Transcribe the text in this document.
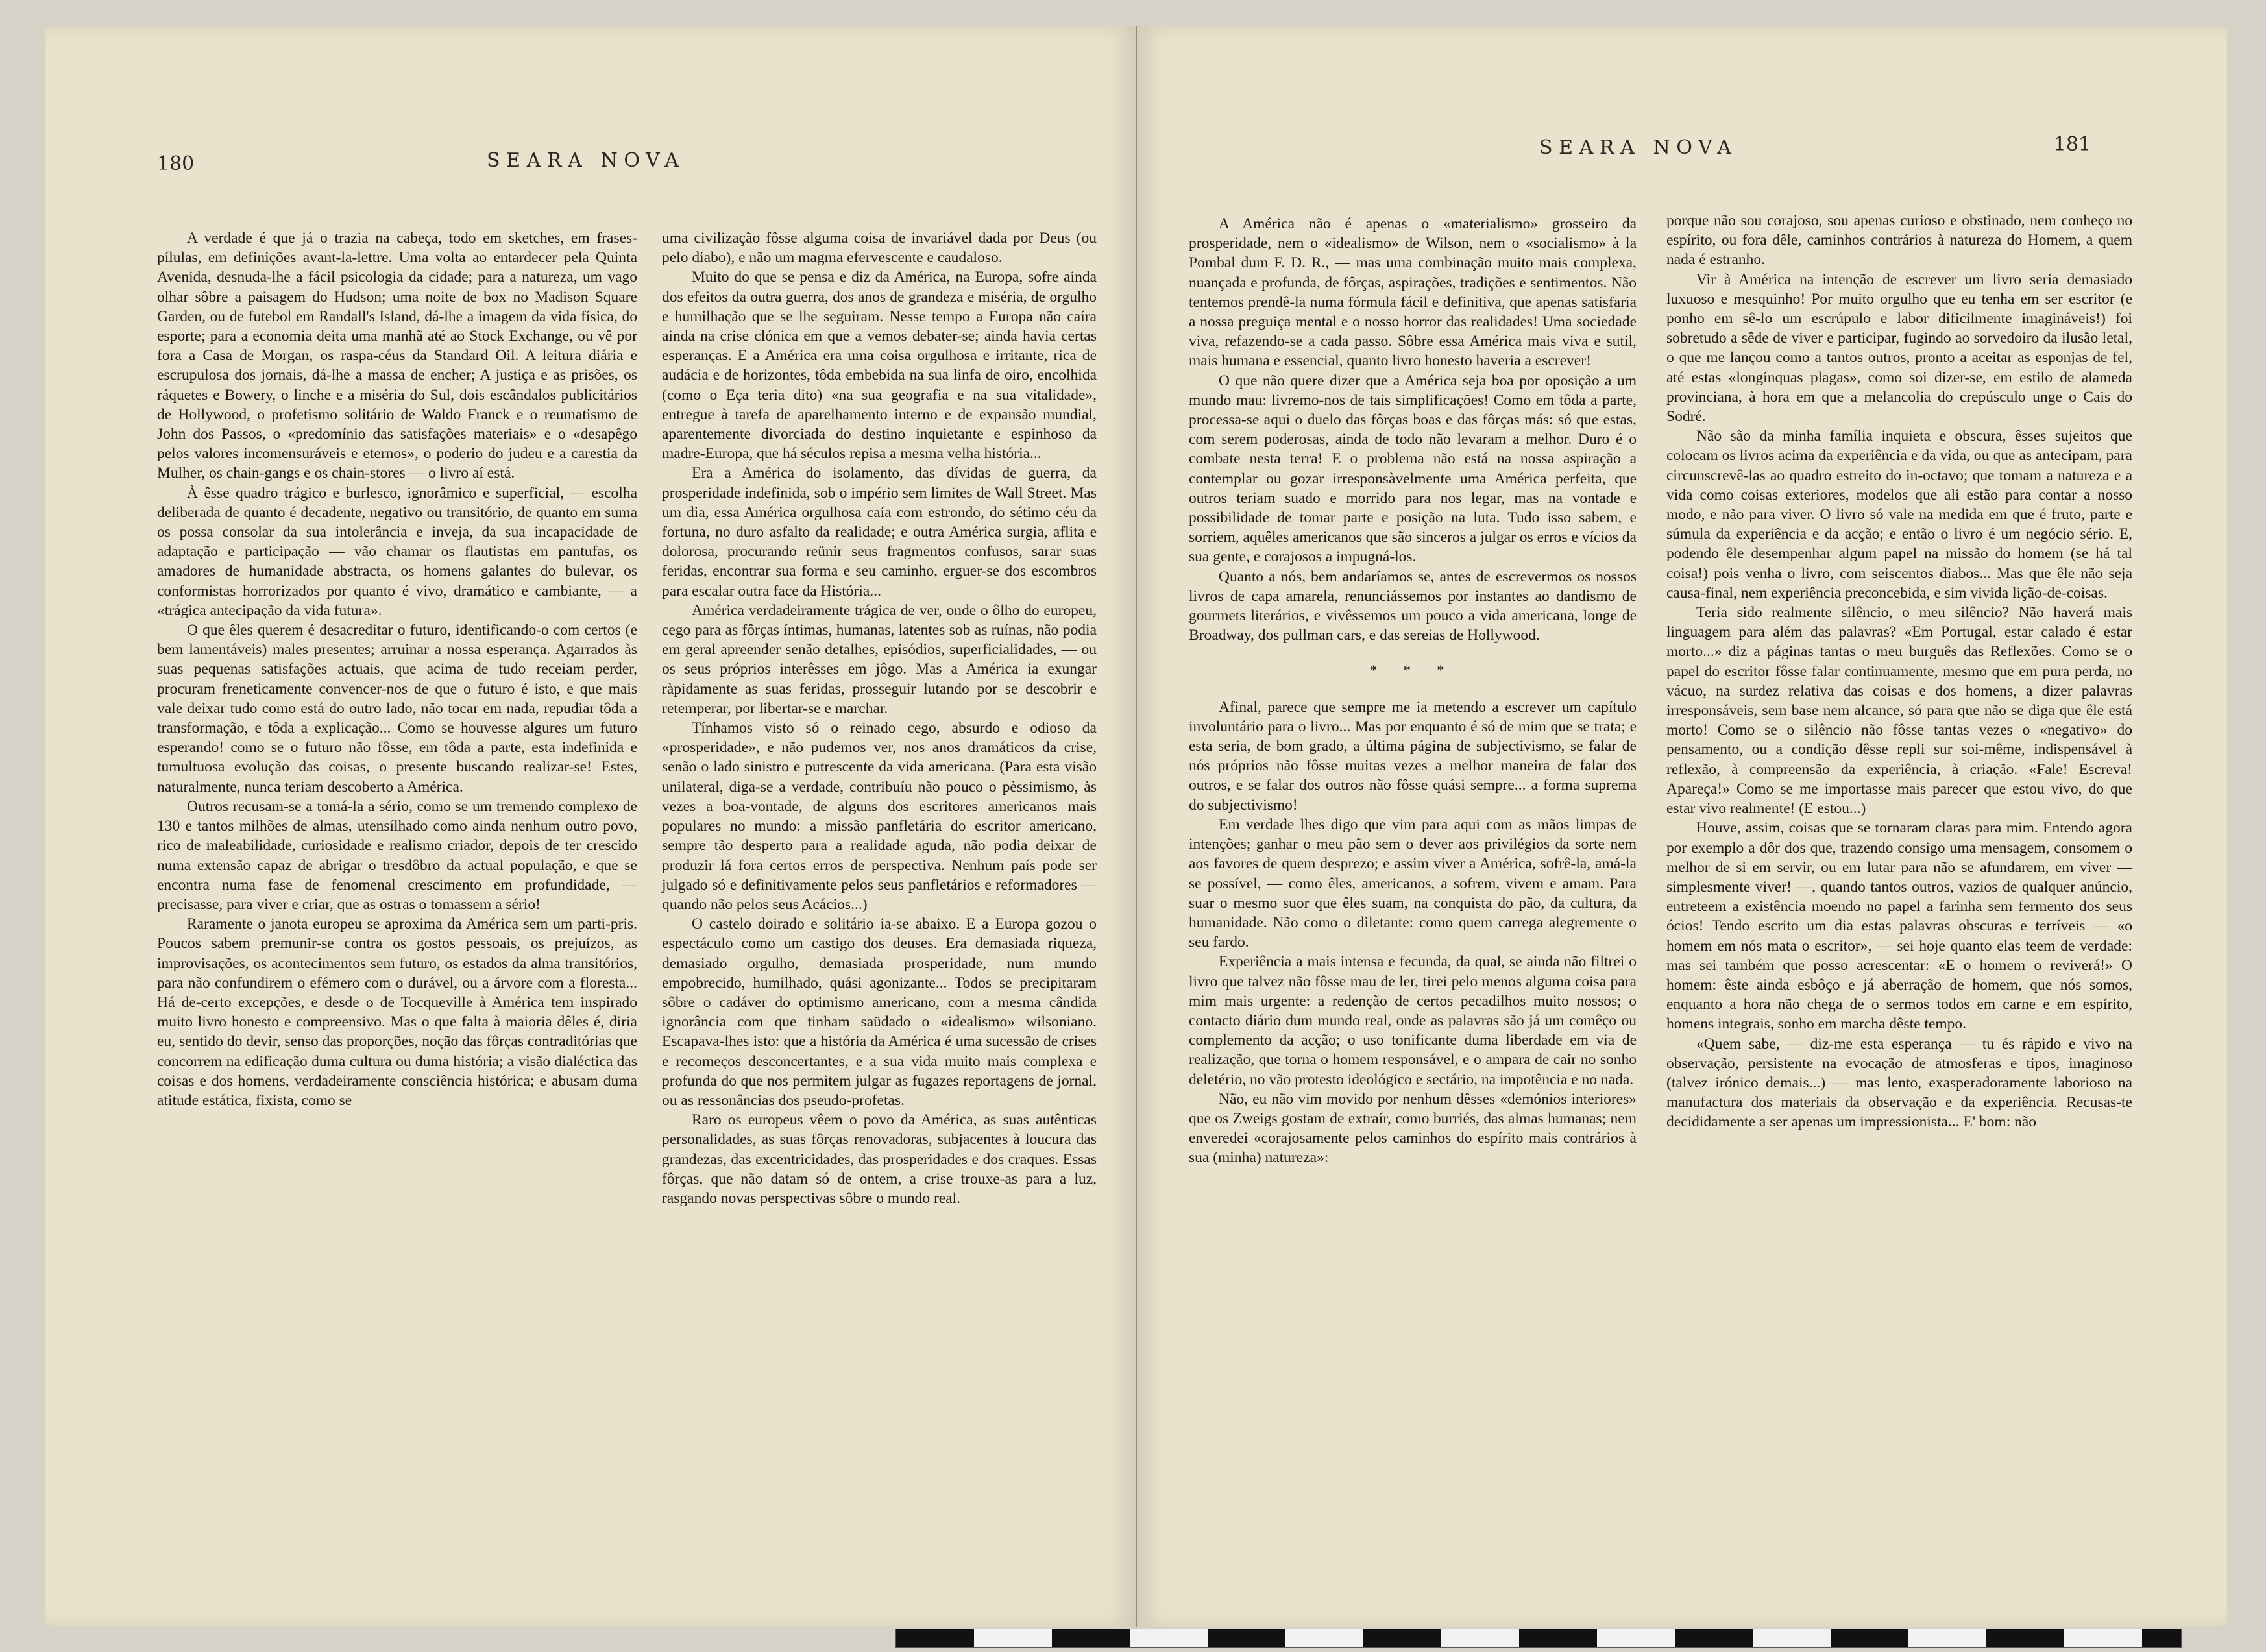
180	SEARA NOVA

A verdade é que já o trazia na cabeça, todo em sketches, em frases-pílulas, em definições avant-la-lettre. Uma volta ao entardecer pela Quinta Avenida, desnuda-lhe a fácil psicologia da cidade; para a natureza, um vago olhar sôbre a paisagem do Hudson; uma noite de box no Madison Square Garden, ou de futebol em Randall's Island, dá-lhe a imagem da vida física, do esporte; para a economia deita uma manhã até ao Stock Exchange, ou vê por fora a Casa de Morgan, os raspa-céus da Standard Oil. A leitura diária e escrupulosa dos jornais, dá-lhe a massa de encher; A justiça e as prisões, os ráquetes e Bowery, o linche e a miséria do Sul, dois escândalos publicitários de Hollywood, o profetismo solitário de Waldo Franck e o reumatismo de John dos Passos, o «predomínio das satisfações materiais» e o «desapêgo pelos valores incomensuráveis e eternos», o poderio do judeu e a carestia da Mulher, os chain-gangs e os chain-stores — o livro aí está.

À êsse quadro trágico e burlesco, ignorâmico e superficial, — escolha deliberada de quanto é decadente, negativo ou transitório, de quanto em suma os possa consolar da sua intolerância e inveja, da sua incapacidade de adaptação e participação — vão chamar os flautistas em pantufas, os amadores de humanidade abstracta, os homens galantes do bulevar, os conformistas horrorizados por quanto é vivo, dramático e cambiante, — a «trágica antecipação da vida futura».

O que êles querem é desacreditar o futuro, identificando-o com certos (e bem lamentáveis) males presentes; arruinar a nossa esperança. Agarrados às suas pequenas satisfações actuais, que acima de tudo receiam perder, procuram freneticamente convencer-nos de que o futuro é isto, e que mais vale deixar tudo como está do outro lado, não tocar em nada, repudiar tôda a transformação, e tôda a explicação... Como se houvesse algures um futuro esperando! como se o futuro não fôsse, em tôda a parte, esta indefinida e tumultuosa evolução das coisas, o presente buscando realizar-se! Estes, naturalmente, nunca teriam descoberto a América.

Outros recusam-se a tomá-la a sério, como se um tremendo complexo de 130 e tantos milhões de almas, utensílhado como ainda nenhum outro povo, rico de maleabilidade, curiosidade e realismo criador, depois de ter crescido numa extensão capaz de abrigar o tresdôbro da actual população, e que se encontra numa fase de fenomenal crescimento em profundidade, — precisasse, para viver e criar, que as ostras o tomassem a sério!

Raramente o janota europeu se aproxima da América sem um parti-pris. Poucos sabem premunir-se contra os gostos pessoais, os prejuízos, as improvisações, os acontecimentos sem futuro, os estados da alma transitórios, para não confundirem o efémero com o durável, ou a árvore com a floresta... Há de-certo excepções, e desde o de Tocqueville à América tem inspirado muito livro honesto e compreensivo. Mas o que falta à maioria dêles é, diria eu, sentido do devir, senso das proporções, noção das fôrças contraditórias que concorrem na edificação duma cultura ou duma história; a visão dialéctica das coisas e dos homens, verdadeiramente consciência histórica; e abusam duma atitude estática, fixista, como se

uma civilização fôsse alguma coisa de invariável dada por Deus (ou pelo diabo), e não um magma efervescente e caudaloso.

Muito do que se pensa e diz da América, na Europa, sofre ainda dos efeitos da outra guerra, dos anos de grandeza e miséria, de orgulho e humilhação que se lhe seguiram. Nesse tempo a Europa não caíra ainda na crise clónica em que a vemos debater-se; ainda havia certas esperanças. E a América era uma coisa orgulhosa e irritante, rica de audácia e de horizontes, tôda embebida na sua linfa de oiro, encolhida (como o Eça teria dito) «na sua geografia e na sua vitalidade», entregue à tarefa de aparelhamento interno e de expansão mundial, aparentemente divorciada do destino inquietante e espinhoso da madre-Europa, que há séculos repisa a mesma velha história...

Era a América do isolamento, das dívidas de guerra, da prosperidade indefinida, sob o império sem limites de Wall Street. Mas um dia, essa América orgulhosa caía com estrondo, do sétimo céu da fortuna, no duro asfalto da realidade; e outra América surgia, aflita e dolorosa, procurando reünir seus fragmentos confusos, sarar suas feridas, encontrar sua forma e seu caminho, erguer-se dos escombros para escalar outra face da História...

América verdadeiramente trágica de ver, onde o ôlho do europeu, cego para as fôrças íntimas, humanas, latentes sob as ruínas, não podia em geral apreender senão detalhes, episódios, superficialidades, — ou os seus próprios interêsses em jôgo. Mas a América ia exungar ràpidamente as suas feridas, prosseguir lutando por se descobrir e retemperar, por libertar-se e marchar.

Tínhamos visto só o reinado cego, absurdo e odioso da «prosperidade», e não pudemos ver, nos anos dramáticos da crise, senão o lado sinistro e putrescente da vida americana. (Para esta visão unilateral, diga-se a verdade, contribuíu não pouco o pèssimismo, às vezes a boa-vontade, de alguns dos escritores americanos mais populares no mundo: a missão panfletária do escritor americano, sempre tão desperto para a realidade aguda, não podia deixar de produzir lá fora certos erros de perspectiva. Nenhum país pode ser julgado só e definitivamente pelos seus panfletários e reformadores — quando não pelos seus Acácios...)

O castelo doirado e solitário ia-se abaixo. E a Europa gozou o espectáculo como um castigo dos deuses. Era demasiada riqueza, demasiado orgulho, demasiada prosperidade, num mundo empobrecido, humilhado, quási agonizante... Todos se precipitaram sôbre o cadáver do optimismo americano, com a mesma cândida ignorância com que tinham saüdado o «idealismo» wilsoniano. Escapava-lhes isto: que a história da América é uma sucessão de crises e recomeços desconcertantes, e a sua vida muito mais complexa e profunda do que nos permitem julgar as fugazes reportagens de jornal, ou as ressonâncias dos pseudo-profetas.

Raro os europeus vêem o povo da América, as suas autênticas personalidades, as suas fôrças renovadoras, subjacentes à loucura das grandezas, das excentricidades, das prosperidades e dos craques. Essas fôrças, que não datam só de ontem, a crise trouxe-as para a luz, rasgando novas perspectivas sôbre o mundo real.

SEARA NOVA	181

A América não é apenas o «materialismo» grosseiro da prosperidade, nem o «idealismo» de Wilson, nem o «socialismo» à la Pombal dum F. D. R., — mas uma combinação muito mais complexa, nuançada e profunda, de fôrças, aspirações, tradições e sentimentos. Não tentemos prendê-la numa fórmula fácil e definitiva, que apenas satisfaria a nossa preguiça mental e o nosso horror das realidades! Uma sociedade viva, refazendo-se a cada passo. Sôbre essa América mais viva e sutil, mais humana e essencial, quanto livro honesto haveria a escrever!

O que não quere dizer que a América seja boa por oposição a um mundo mau: livremo-nos de tais simplificações! Como em tôda a parte, processa-se aqui o duelo das fôrças boas e das fôrças más: só que estas, com serem poderosas, ainda de todo não levaram a melhor. Duro é o combate nesta terra! E o problema não está na nossa aspiração a contemplar ou gozar irresponsàvelmente uma América perfeita, que outros teriam suado e morrido para nos legar, mas na vontade e possibilidade de tomar parte e posição na luta. Tudo isso sabem, e sorriem, aquêles americanos que são sinceros a julgar os erros e vícios da sua gente, e corajosos a impugná-los.

Quanto a nós, bem andaríamos se, antes de escrevermos os nossos livros de capa amarela, renunciássemos por instantes ao dandismo de gourmets literários, e vivêssemos um pouco a vida americana, longe de Broadway, dos pullman cars, e das sereias de Hollywood.

* * *

Afinal, parece que sempre me ia metendo a escrever um capítulo involuntário para o livro... Mas por enquanto é só de mim que se trata; e esta seria, de bom grado, a última página de subjectivismo, se falar de nós próprios não fôsse muitas vezes a melhor maneira de falar dos outros, e se falar dos outros não fôsse quási sempre... a forma suprema do subjectivismo!

Em verdade lhes digo que vim para aqui com as mãos limpas de intenções; ganhar o meu pão sem o dever aos privilégios da sorte nem aos favores de quem desprezo; e assim viver a América, sofrê-la, amá-la se possível, — como êles, americanos, a sofrem, vivem e amam. Para suar o mesmo suor que êles suam, na conquista do pão, da cultura, da humanidade. Não como o diletante: como quem carrega alegremente o seu fardo.

Experiência a mais intensa e fecunda, da qual, se ainda não filtrei o livro que talvez não fôsse mau de ler, tirei pelo menos alguma coisa para mim mais urgente: a redenção de certos pecadilhos muito nossos; o contacto diário dum mundo real, onde as palavras são já um comêço ou complemento da acção; o uso tonificante duma liberdade em via de realização, que torna o homem responsável, e o ampara de cair no sonho deletério, no vão protesto ideológico e sectário, na impotência e no nada.

Não, eu não vim movido por nenhum dêsses «demónios interiores» que os Zweigs gostam de extraír, como burriés, das almas humanas; nem enveredei «corajosamente pelos caminhos do espírito mais contrários à sua (minha) natureza»:

porque não sou corajoso, sou apenas curioso e obstinado, nem conheço no espírito, ou fora dêle, caminhos contrários à natureza do Homem, a quem nada é estranho.

Vir à América na intenção de escrever um livro seria demasiado luxuoso e mesquinho! Por muito orgulho que eu tenha em ser escritor (e ponho em sê-lo um escrúpulo e labor dificilmente imagináveis!) foi sobretudo a sêde de viver e participar, fugindo ao sorvedoiro da ilusão letal, o que me lançou como a tantos outros, pronto a aceitar as esponjas de fel, até estas «longínquas plagas», como soi dizer-se, em estilo de alameda provinciana, à hora em que a melancolia do crepúsculo unge o Cais do Sodré.

Não são da minha família inquieta e obscura, êsses sujeitos que colocam os livros acima da experiência e da vida, ou que as antecipam, para circunscrevê-las ao quadro estreito do in-octavo; que tomam a natureza e a vida como coisas exteriores, modelos que ali estão para contar a nosso modo, e não para viver. O livro só vale na medida em que é fruto, parte e súmula da experiência e da acção; e então o livro é um negócio sério. E, podendo êle desempenhar algum papel na missão do homem (se há tal coisa!) pois venha o livro, com seiscentos diabos... Mas que êle não seja causa-final, nem experiência preconcebida, e sim vivida lição-de-coisas.

Teria sido realmente silêncio, o meu silêncio? Não haverá mais linguagem para além das palavras? «Em Portugal, estar calado é estar morto...» diz a páginas tantas o meu burguês das Reflexões. Como se o papel do escritor fôsse falar continuamente, mesmo que em pura perda, no vácuo, na surdez relativa das coisas e dos homens, a dizer palavras irresponsáveis, sem base nem alcance, só para que não se diga que êle está morto! Como se o silêncio não fôsse tantas vezes o «negativo» do pensamento, ou a condição dêsse repli sur soi-même, indispensável à reflexão, à compreensão da experiência, à criação. «Fale! Escreva! Apareça!» Como se me importasse mais parecer que estou vivo, do que estar vivo realmente! (E estou...)

Houve, assim, coisas que se tornaram claras para mim. Entendo agora por exemplo a dôr dos que, trazendo consigo uma mensagem, consomem o melhor de si em servir, ou em lutar para não se afundarem, em viver — simplesmente viver! —, quando tantos outros, vazios de qualquer anúncio, entreteem a existência moendo no papel a farinha sem fermento dos seus ócios! Tendo escrito um dia estas palavras obscuras e terríveis — «o homem em nós mata o escritor», — sei hoje quanto elas teem de verdade: mas sei também que posso acrescentar: «E o homem o reviverá!» O homem: êste ainda esbôço e já aberração de homem, que nós somos, enquanto a hora não chega de o sermos todos em carne e em espírito, homens integrais, sonho em marcha dêste tempo.

«Quem sabe, — diz-me esta esperança — tu és rápido e vivo na observação, persistente na evocação de atmosferas e tipos, imaginoso (talvez irónico demais...) — mas lento, exasperadoramente laborioso na manufactura dos materiais da observação e da experiência. Recusas-te decididamente a ser apenas um impressionista... E' bom: não
